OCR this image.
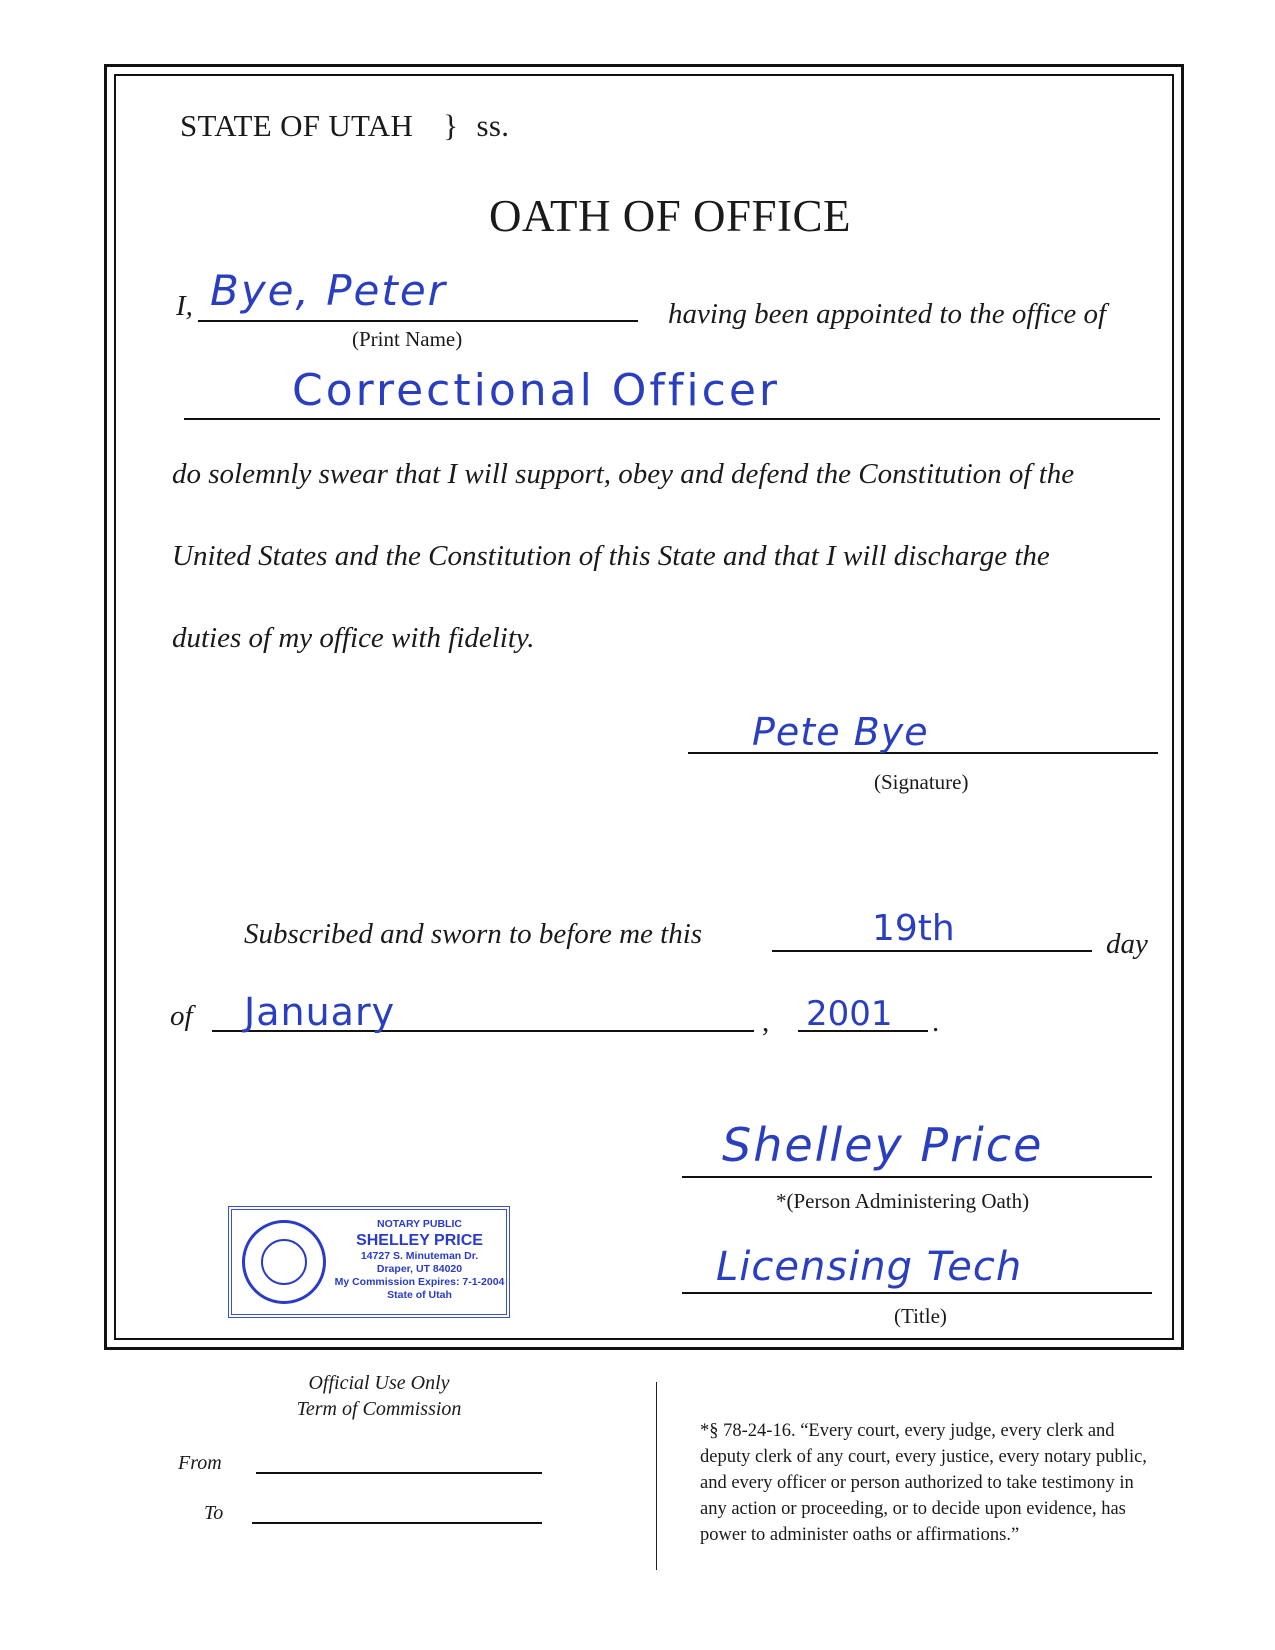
STATE OF UTAH } ss.
OATH OF OFFICE
I, Bye, Peter
(Print Name)
having been appointed to the office of
Correctional Officer
do solemnly swear that I will support, obey and defend the Constitution of the
United States and the Constitution of this State and that I will discharge the
duties of my office with fidelity.
Pete Bye
(Signature)
Subscribed and sworn to before me this	19th	day
of January	, 2001 .
Shelley Price
*(Person Administering Oath)
Licensing Tech
(Title)
NOTARY PUBLIC
SHELLEY PRICE
14727 S. Minuteman Dr.
Draper, UT 84020
My Commission Expires: 7-1-2004
State of Utah
Official Use Only
Term of Commission
From
To
*§ 78-24-16. “Every court, every judge, every clerk and
deputy clerk of any court, every justice, every notary public,
and every officer or person authorized to take testimony in
any action or proceeding, or to decide upon evidence, has
power to administer oaths or affirmations.”
